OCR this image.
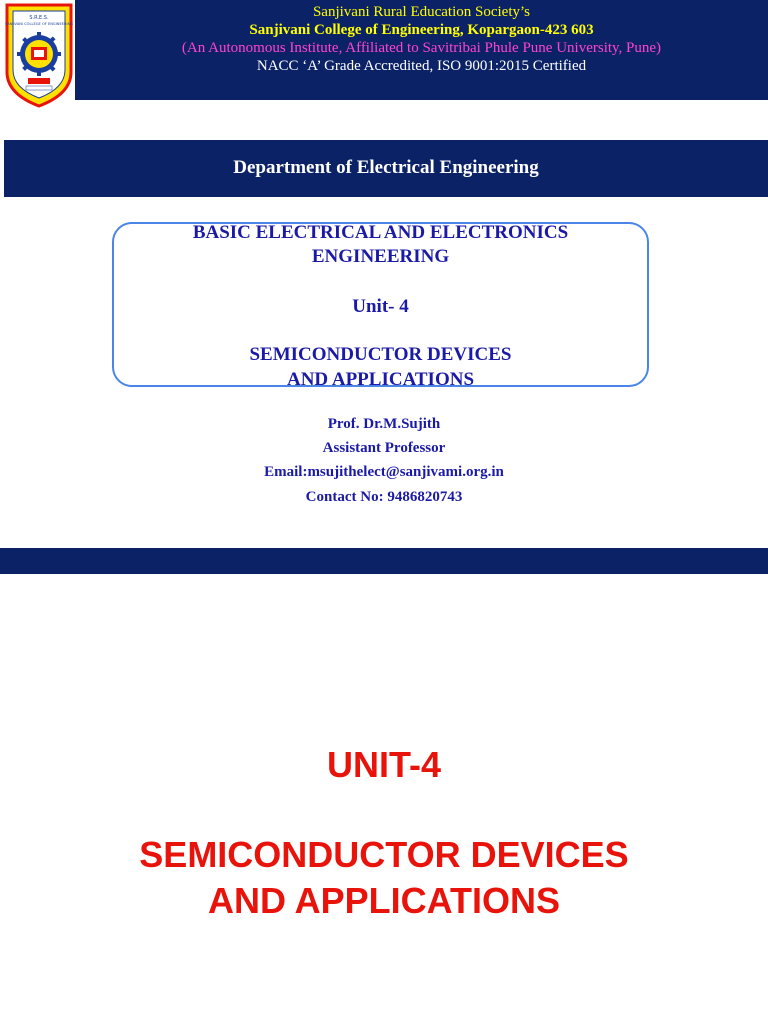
S.R.E.S.
SANJIVANI COLLEGE OF ENGINEERING
Sanjivani Rural Education Society’s
Sanjivani College of Engineering, Kopargaon-423 603
(An Autonomous Institute, Affiliated to Savitribai Phule Pune University, Pune)
NACC ‘A’ Grade Accredited, ISO 9001:2015 Certified
Department of Electrical Engineering
BASIC ELECTRICAL AND ELECTRONICS
ENGINEERING
Unit- 4
SEMICONDUCTOR DEVICES
AND APPLICATIONS
Prof. Dr.M.Sujith
Assistant Professor
Email:msujithelect@sanjivami.org.in
Contact No: 9486820743
UNIT-4
SEMICONDUCTOR DEVICES
AND APPLICATIONS
